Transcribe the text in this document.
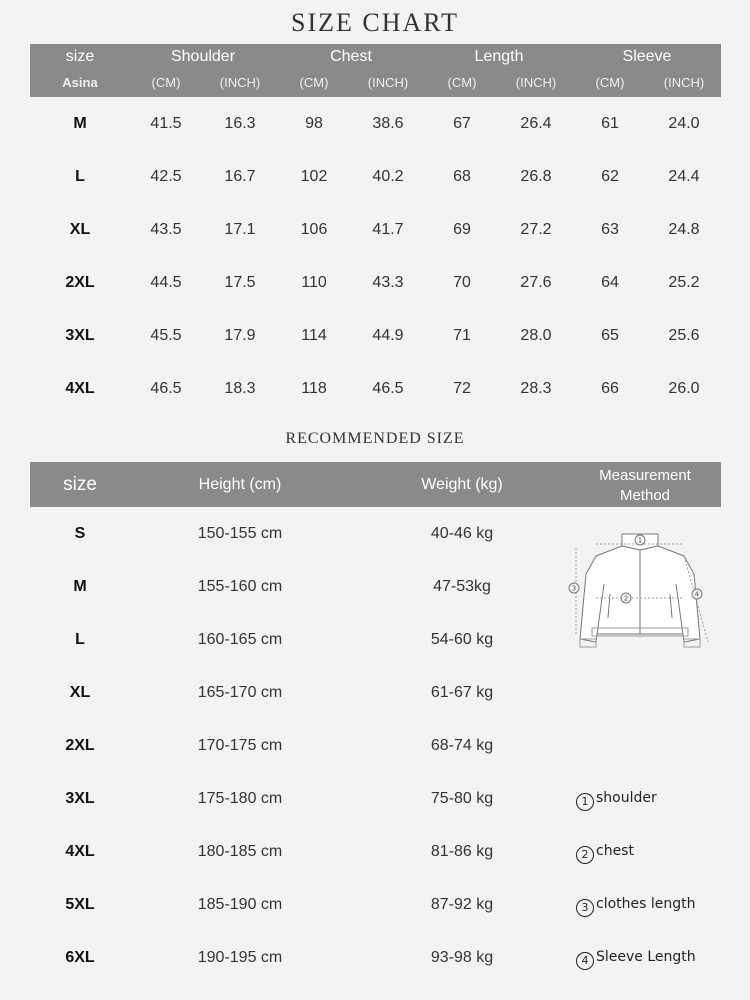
SIZE CHART
size	Shoulder	Chest	Length	Sleeve
Asina	(CM)	(INCH)	(CM)	(INCH)	(CM)	(INCH)	(CM)	(INCH)
M	41.5	16.3	98	38.6	67	26.4	61	24.0
L	42.5	16.7	102	40.2	68	26.8	62	24.4
XL	43.5	17.1	106	41.7	69	27.2	63	24.8
2XL	44.5	17.5	110	43.3	70	27.6	64	25.2
3XL	45.5	17.9	114	44.9	71	28.0	65	25.6
4XL	46.5	18.3	118	46.5	72	28.3	66	26.0
RECOMMENDED SIZE
size	Height (cm)	Weight (kg)
Measurement
Method
S	150-155 cm	40-46 kg
M	155-160 cm	47-53kg
L	160-165 cm	54-60 kg
XL	165-170 cm	61-67 kg
2XL	170-175 cm	68-74 kg
3XL	175-180 cm	75-80 kg
4XL	180-185 cm	81-86 kg
5XL	185-190 cm	87-92 kg
6XL	190-195 cm	93-98 kg
1
2
3
4
1 shoulder
2 chest
3 clothes length
4 Sleeve Length
